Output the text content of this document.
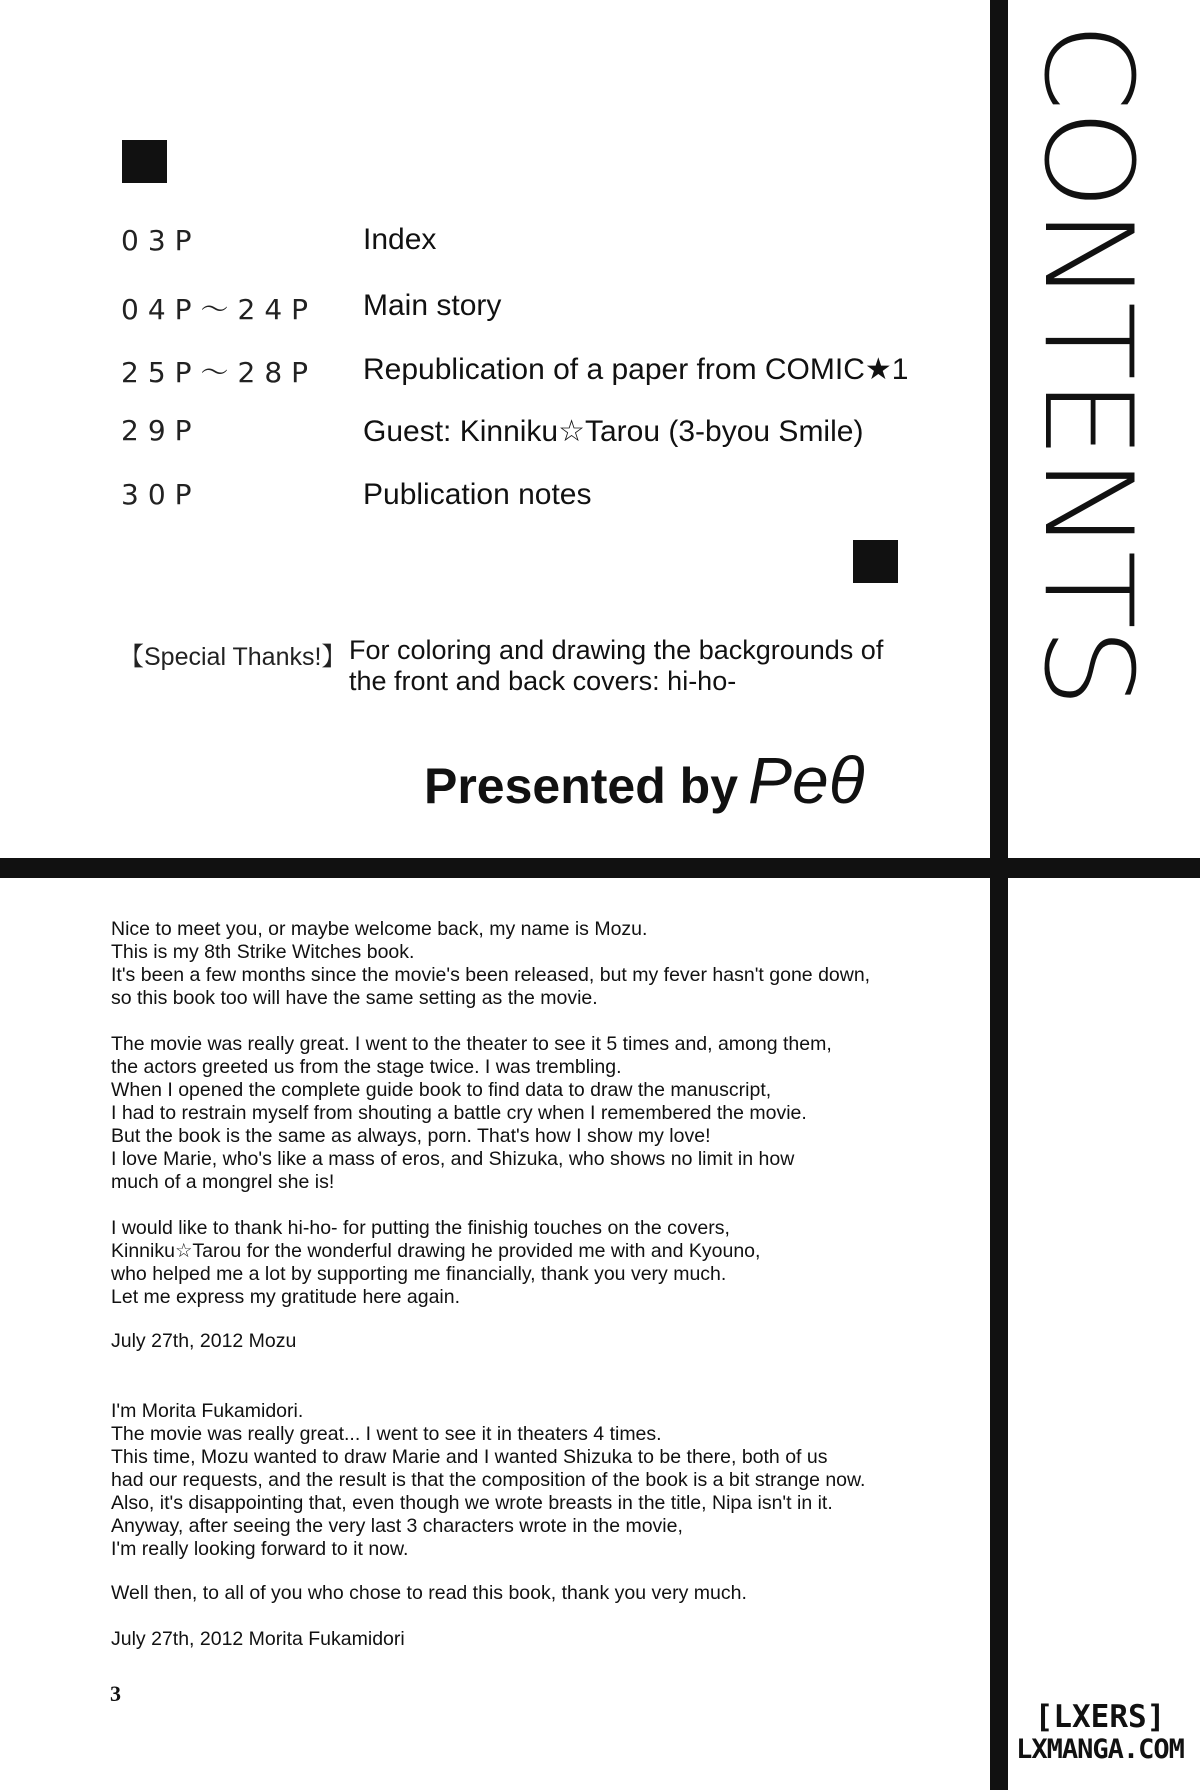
CONTENTS
03P	Index
04P～24P Main story
25P～28P Republication of a paper from COMIC★1
29P	Guest: Kinniku☆Tarou (3-byou Smile)
30P	Publication notes
【Special Thanks!】 For coloring and drawing the backgrounds of the front and back covers: hi-ho-
Presented by Peθ
Nice to meet you, or maybe welcome back, my name is Mozu.
This is my 8th Strike Witches book.
It's been a few months since the movie's been released, but my fever hasn't gone down,
so this book too will have the same setting as the movie.
The movie was really great. I went to the theater to see it 5 times and, among them,
the actors greeted us from the stage twice. I was trembling.
When I opened the complete guide book to find data to draw the manuscript,
I had to restrain myself from shouting a battle cry when I remembered the movie.
But the book is the same as always, porn. That's how I show my love!
I love Marie, who's like a mass of eros, and Shizuka, who shows no limit in how
much of a mongrel she is!
I would like to thank hi-ho- for putting the finishig touches on the covers,
Kinniku☆Tarou for the wonderful drawing he provided me with and Kyouno,
who helped me a lot by supporting me financially, thank you very much.
Let me express my gratitude here again.
July 27th, 2012 Mozu
I'm Morita Fukamidori.
The movie was really great... I went to see it in theaters 4 times.
This time, Mozu wanted to draw Marie and I wanted Shizuka to be there, both of us
had our requests, and the result is that the composition of the book is a bit strange now.
Also, it's disappointing that, even though we wrote breasts in the title, Nipa isn't in it.
Anyway, after seeing the very last 3 characters wrote in the movie,
I'm really looking forward to it now.
Well then, to all of you who chose to read this book, thank you very much.
July 27th, 2012 Morita Fukamidori
3
[LXERS]
LXMANGA.COM
